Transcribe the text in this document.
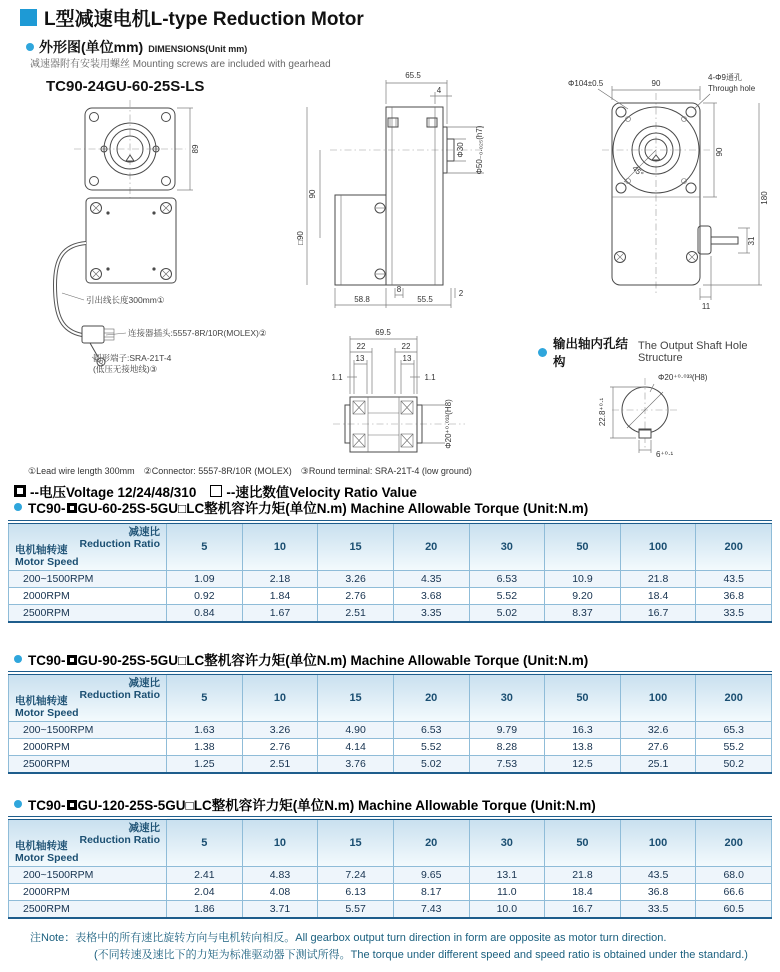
L型减速电机L-type Reduction Motor
外形图(单位mm) DIMENSIONS(Unit mm)
减速器附有安装用螺丝 Mounting screws are included with gearhead
TC90-24GU-60-25S-LS
89
引出线长度300mm①
连接器插头:5557-8R/10R(MOLEX)②
圆形端子:SRA-21T-4
(低压无接地线)③
65.5
4
Φ30 Φ50₋₀.₀₂₅(h7)
90
□90
8	2
58.8	55.5
45°
Φ104±0.5	90
4-Φ9通孔
Through hole
90
180
31
11
69.5
22	22
13	13
1.1	1.1
Φ20⁺⁰·⁰³³(H8)
输出轴内孔结构
The Output Shaft Hole Structure
Φ20⁺⁰·⁰³³(H8)
22.8⁺⁰·¹
6⁺⁰·¹
①Lead wire length 300mm　②Connector: 5557-8R/10R (MOLEX)　③Round terminal: SRA-21T-4 (low ground)
--电压Voltage 12/24/48/310 --速比数值Velocity Ratio Value
TC90- GU-60-25S-5GU□LC整机容许力矩(单位N.m) Machine Allowable Torque (Unit:N.m)
减速比
Reduction Ratio
电机轴转速
Motor Speed	5	10	15	20	30	50	100	200
200~1500RPM	1.09	2.18	3.26	4.35	6.53	10.9	21.8	43.5
2000RPM	0.92	1.84	2.76	3.68	5.52	9.20	18.4	36.8
2500RPM	0.84	1.67	2.51	3.35	5.02	8.37	16.7	33.5
TC90- GU-90-25S-5GU□LC整机容许力矩(单位N.m) Machine Allowable Torque (Unit:N.m)
减速比
Reduction Ratio
电机轴转速
Motor Speed	5	10	15	20	30	50	100	200
200~1500RPM	1.63	3.26	4.90	6.53	9.79	16.3	32.6	65.3
2000RPM	1.38	2.76	4.14	5.52	8.28	13.8	27.6	55.2
2500RPM	1.25	2.51	3.76	5.02	7.53	12.5	25.1	50.2
TC90- GU-120-25S-5GU□LC整机容许力矩(单位N.m) Machine Allowable Torque (Unit:N.m)
减速比
Reduction Ratio
电机轴转速
Motor Speed	5	10	15	20	30	50	100	200
200~1500RPM	2.41	4.83	7.24	9.65	13.1	21.8	43.5	68.0
2000RPM	2.04	4.08	6.13	8.17	11.0	18.4	36.8	66.6
2500RPM	1.86	3.71	5.57	7.43	10.0	16.7	33.5	60.5
注Note：表格中的所有速比旋转方向与电机转向相反。All gearbox output turn direction in form are opposite as motor turn direction.
(不同转速及速比下的力矩为标准驱动器下测试所得。The torque under different speed and speed ratio is obtained under the standard.)
